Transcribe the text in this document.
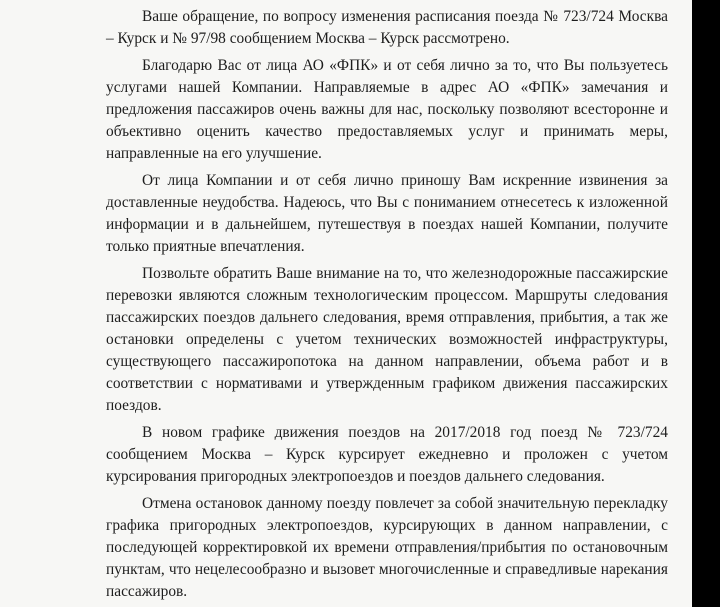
Ваше обращение, по вопросу изменения расписания поезда № 723/724 Москва – Курск и № 97/98 сообщением Москва – Курск рассмотрено.

Благодарю Вас от лица АО «ФПК» и от себя лично за то, что Вы пользуетесь услугами нашей Компании. Направляемые в адрес АО «ФПК» замечания и предложения пассажиров очень важны для нас, поскольку позволяют всесторонне и объективно оценить качество предоставляемых услуг и принимать меры, направленные на его улучшение.

От лица Компании и от себя лично приношу Вам искренние извинения за доставленные неудобства. Надеюсь, что Вы с пониманием отнесетесь к изложенной информации и в дальнейшем, путешествуя в поездах нашей Компании, получите только приятные впечатления.

Позвольте обратить Ваше внимание на то, что железнодорожные пассажирские перевозки являются сложным технологическим процессом. Маршруты следования пассажирских поездов дальнего следования, время отправления, прибытия, а так же остановки определены с учетом технических возможностей инфраструктуры, существующего пассажиропотока на данном направлении, объема работ и в соответствии с нормативами и утвержденным графиком движения пассажирских поездов.

В новом графике движения поездов на 2017/2018 год поезд № 723/724 сообщением Москва – Курск курсирует ежедневно и проложен с учетом курсирования пригородных электропоездов и поездов дальнего следования.

Отмена остановок данному поезду повлечет за собой значительную перекладку графика пригородных электропоездов, курсирующих в данном направлении, с последующей корректировкой их времени отправления/прибытия по остановочным пунктам, что нецелесообразно и вызовет многочисленные и справедливые нарекания пассажиров.
